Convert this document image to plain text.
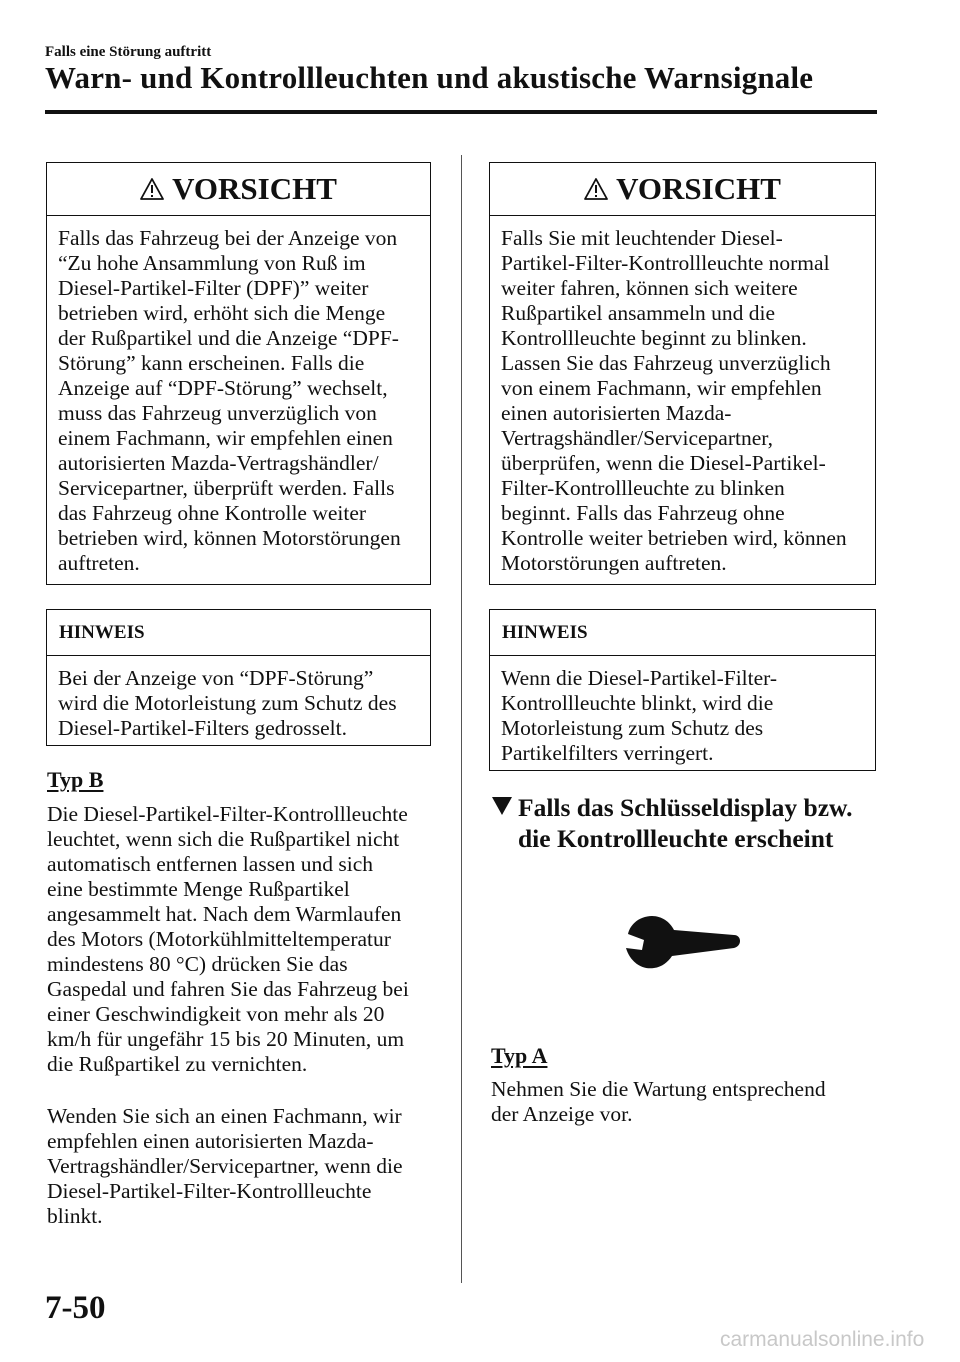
Falls eine Störung auftritt
Warn- und Kontrollleuchten und akustische Warnsignale
VORSICHT
Falls das Fahrzeug bei der Anzeige von
“Zu hohe Ansammlung von Ruß im
Diesel-Partikel-Filter (DPF)” weiter
betrieben wird, erhöht sich die Menge
der Rußpartikel und die Anzeige “DPF-
Störung” kann erscheinen. Falls die
Anzeige auf “DPF-Störung” wechselt,
muss das Fahrzeug unverzüglich von
einem Fachmann, wir empfehlen einen
autorisierten Mazda-Vertragshändler/
Servicepartner, überprüft werden. Falls
das Fahrzeug ohne Kontrolle weiter
betrieben wird, können Motorstörungen
auftreten.
HINWEIS
Bei der Anzeige von “DPF-Störung”
wird die Motorleistung zum Schutz des
Diesel-Partikel-Filters gedrosselt.
Typ B
Die Diesel-Partikel-Filter-Kontrollleuchte
leuchtet, wenn sich die Rußpartikel nicht
automatisch entfernen lassen und sich
eine bestimmte Menge Rußpartikel
angesammelt hat. Nach dem Warmlaufen
des Motors (Motorkühlmitteltemperatur
mindestens 80 °C) drücken Sie das
Gaspedal und fahren Sie das Fahrzeug bei
einer Geschwindigkeit von mehr als 20
km/h für ungefähr 15 bis 20 Minuten, um
die Rußpartikel zu vernichten.
Wenden Sie sich an einen Fachmann, wir
empfehlen einen autorisierten Mazda-
Vertragshändler/Servicepartner, wenn die
Diesel-Partikel-Filter-Kontrollleuchte
blinkt.
VORSICHT
Falls Sie mit leuchtender Diesel-
Partikel-Filter-Kontrollleuchte normal
weiter fahren, können sich weitere
Rußpartikel ansammeln und die
Kontrollleuchte beginnt zu blinken.
Lassen Sie das Fahrzeug unverzüglich
von einem Fachmann, wir empfehlen
einen autorisierten Mazda-
Vertragshändler/Servicepartner,
überprüfen, wenn die Diesel-Partikel-
Filter-Kontrollleuchte zu blinken
beginnt. Falls das Fahrzeug ohne
Kontrolle weiter betrieben wird, können
Motorstörungen auftreten.
HINWEIS
Wenn die Diesel-Partikel-Filter-
Kontrollleuchte blinkt, wird die
Motorleistung zum Schutz des
Partikelfilters verringert.
Falls das Schlüsseldisplay bzw.
die Kontrollleuchte erscheint
Typ A
Nehmen Sie die Wartung entsprechend
der Anzeige vor.
7-50
carmanualsonline.info
